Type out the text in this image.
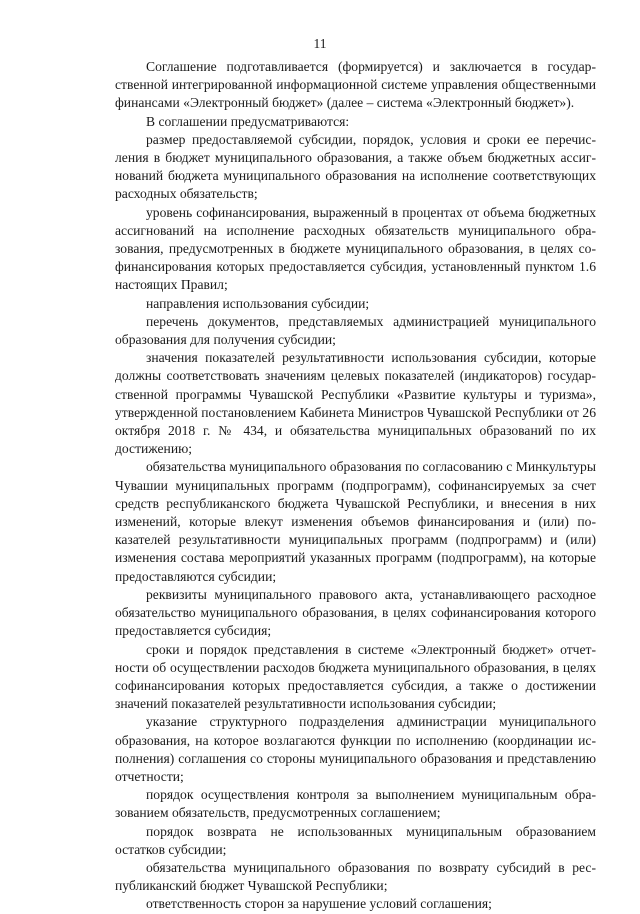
11

Соглашение подготавливается (формируется) и заключается в государственной интегрированной информационной системе управления общественными финансами «Электронный бюджет» (далее – система «Электронный бюджет»).

В соглашении предусматриваются:

размер предоставляемой субсидии, порядок, условия и сроки ее перечисления в бюджет муниципального образования, а также объем бюджетных ассигнований бюджета муниципального образования на исполнение соответствующих расходных обязательств;

уровень софинансирования, выраженный в процентах от объема бюджетных ассигнований на исполнение расходных обязательств муниципального образования, предусмотренных в бюджете муниципального образования, в целях софинансирования которых предоставляется субсидия, установленный пунктом 1.6 настоящих Правил;

направления использования субсидии;

перечень документов, представляемых администрацией муниципального образования для получения субсидии;

значения показателей результативности использования субсидии, которые должны соответствовать значениям целевых показателей (индикаторов) государственной программы Чувашской Республики «Развитие культуры и туризма», утвержденной постановлением Кабинета Министров Чувашской Республики от 26 октября 2018 г. № 434, и обязательства муниципальных образований по их достижению;

обязательства муниципального образования по согласованию с Минкультуры Чувашии муниципальных программ (подпрограмм), софинансируемых за счет средств республиканского бюджета Чувашской Республики, и внесения в них изменений, которые влекут изменения объемов финансирования и (или) показателей результативности муниципальных программ (подпрограмм) и (или) изменения состава мероприятий указанных программ (подпрограмм), на которые предоставляются субсидии;

реквизиты муниципального правового акта, устанавливающего расходное обязательство муниципального образования, в целях софинансирования которого предоставляется субсидия;

сроки и порядок представления в системе «Электронный бюджет» отчетности об осуществлении расходов бюджета муниципального образования, в целях софинансирования которых предоставляется субсидия, а также о достижении значений показателей результативности использования субсидии;

указание структурного подразделения администрации муниципального образования, на которое возлагаются функции по исполнению (координации исполнения) соглашения со стороны муниципального образования и представлению отчетности;

порядок осуществления контроля за выполнением муниципальным образованием обязательств, предусмотренных соглашением;

порядок возврата не использованных муниципальным образованием остатков субсидии;

обязательства муниципального образования по возврату субсидий в республиканский бюджет Чувашской Республики;

ответственность сторон за нарушение условий соглашения;
